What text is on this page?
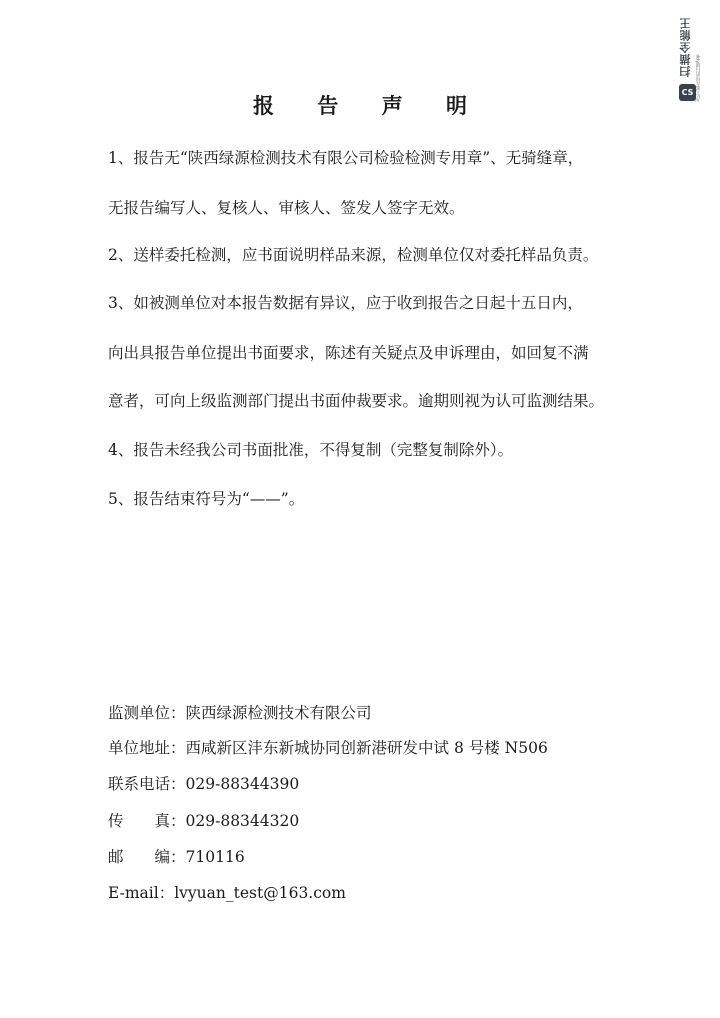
扫描全能王
3亿人都在用的扫描App
CS
报 告 声 明
1、报告无“陕西绿源检测技术有限公司检验检测专用章”、无骑缝章，
无报告编写人、复核人、审核人、签发人签字无效。
2、送样委托检测，应书面说明样品来源，检测单位仅对委托样品负责。
3、如被测单位对本报告数据有异议，应于收到报告之日起十五日内，
向出具报告单位提出书面要求，陈述有关疑点及申诉理由，如回复不满
意者，可向上级监测部门提出书面仲裁要求。逾期则视为认可监测结果。
4、报告未经我公司书面批准，不得复制（完整复制除外）。
5、报告结束符号为“——”。
监测单位：陕西绿源检测技术有限公司
单位地址：西咸新区沣东新城协同创新港研发中试 8 号楼 N506
联系电话：029-88344390
传　　真：029-88344320
邮　　编：710116
E-mail：lvyuan_test@163.com
